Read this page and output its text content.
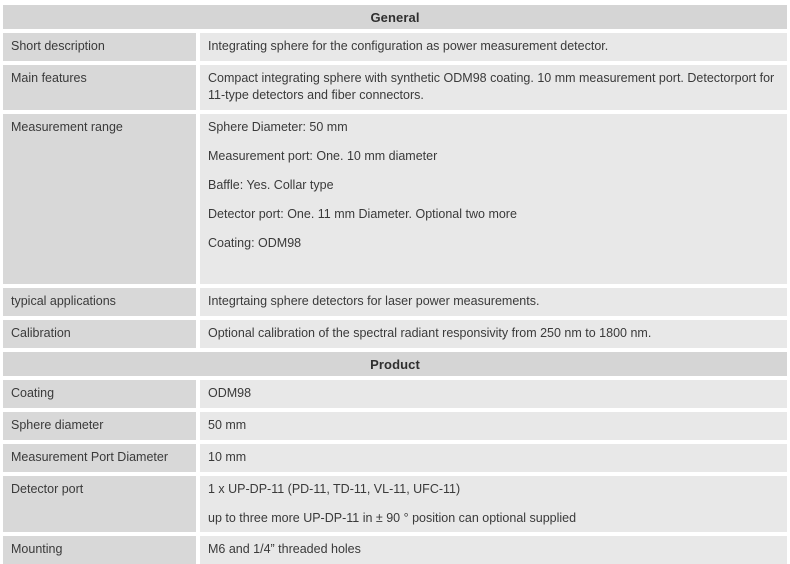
General
Short description	Integrating sphere for the configuration as power measurement detector.

Main features	Compact integrating sphere with synthetic ODM98 coating. 10 mm measurement port. Detectorport for 11-type detectors and fiber connectors.

Measurement range	Sphere Diameter: 50 mm

Measurement port: One. 10 mm diameter

Baffle: Yes. Collar type

Detector port: One. 11 mm Diameter. Optional two more

Coating: ODM98

typical applications	Integrtaing sphere detectors for laser power measurements.

Calibration	Optional calibration of the spectral radiant responsivity from 250 nm to 1800 nm.

Product
Coating	ODM98

Sphere diameter	50 mm

Measurement Port Diameter	10 mm

Detector port	1 x UP-DP-11 (PD-11, TD-11, VL-11, UFC-11)

up to three more UP-DP-11 in ± 90 ° position can optional supplied

Mounting	M6 and 1/4” threaded holes
